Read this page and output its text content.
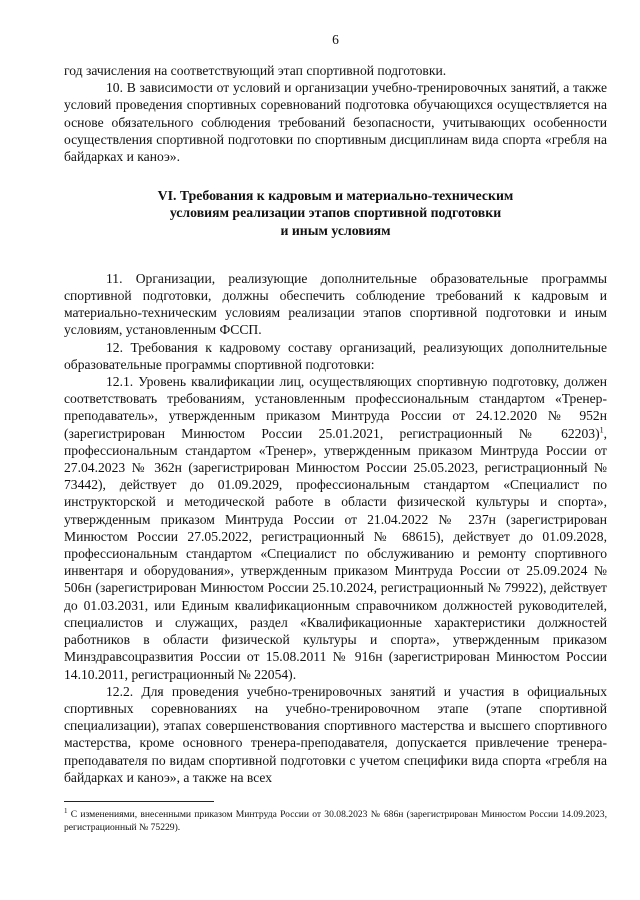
6

год зачисления на соответствующий этап спортивной подготовки.

10. В зависимости от условий и организации учебно-тренировочных занятий, а также условий проведения спортивных соревнований подготовка обучающихся осуществляется на основе обязательного соблюдения требований безопасности, учитывающих особенности осуществления спортивной подготовки по спортивным дисциплинам вида спорта «гребля на байдарках и каноэ».

VI. Требования к кадровым и материально-техническим
условиям реализации этапов спортивной подготовки
и иным условиям

11. Организации, реализующие дополнительные образовательные программы спортивной подготовки, должны обеспечить соблюдение требований к кадровым и материально-техническим условиям реализации этапов спортивной подготовки и иным условиям, установленным ФССП.

12. Требования к кадровому составу организаций, реализующих дополнительные образовательные программы спортивной подготовки:

12.1. Уровень квалификации лиц, осуществляющих спортивную подготовку, должен соответствовать требованиям, установленным профессиональным стандартом «Тренер-преподаватель», утвержденным приказом Минтруда России от 24.12.2020 № 952н (зарегистрирован Минюстом России 25.01.2021, регистрационный № 62203)$^1$, профессиональным стандартом «Тренер», утвержденным приказом Минтруда России от 27.04.2023 № 362н (зарегистрирован Минюстом России 25.05.2023, регистрационный № 73442), действует до 01.09.2029, профессиональным стандартом «Специалист по инструкторской и методической работе в области физической культуры и спорта», утвержденным приказом Минтруда России от 21.04.2022 № 237н (зарегистрирован Минюстом России 27.05.2022, регистрационный № 68615), действует до 01.09.2028, профессиональным стандартом «Специалист по обслуживанию и ремонту спортивного инвентаря и оборудования», утвержденным приказом Минтруда России от 25.09.2024 № 506н (зарегистрирован Минюстом России 25.10.2024, регистрационный № 79922), действует до 01.03.2031, или Единым квалификационным справочником должностей руководителей, специалистов и служащих, раздел «Квалификационные характеристики должностей работников в области физической культуры и спорта», утвержденным приказом Минздравсоцразвития России от 15.08.2011 № 916н (зарегистрирован Минюстом России 14.10.2011, регистрационный № 22054).

12.2. Для проведения учебно-тренировочных занятий и участия в официальных спортивных соревнованиях на учебно-тренировочном этапе (этапе спортивной специализации), этапах совершенствования спортивного мастерства и высшего спортивного мастерства, кроме основного тренера-преподавателя, допускается привлечение тренера-преподавателя по видам спортивной подготовки с учетом специфики вида спорта «гребля на байдарках и каноэ», а также на всех

$^1$ С изменениями, внесенными приказом Минтруда России от 30.08.2023 № 686н (зарегистрирован Минюстом России 14.09.2023, регистрационный № 75229).
